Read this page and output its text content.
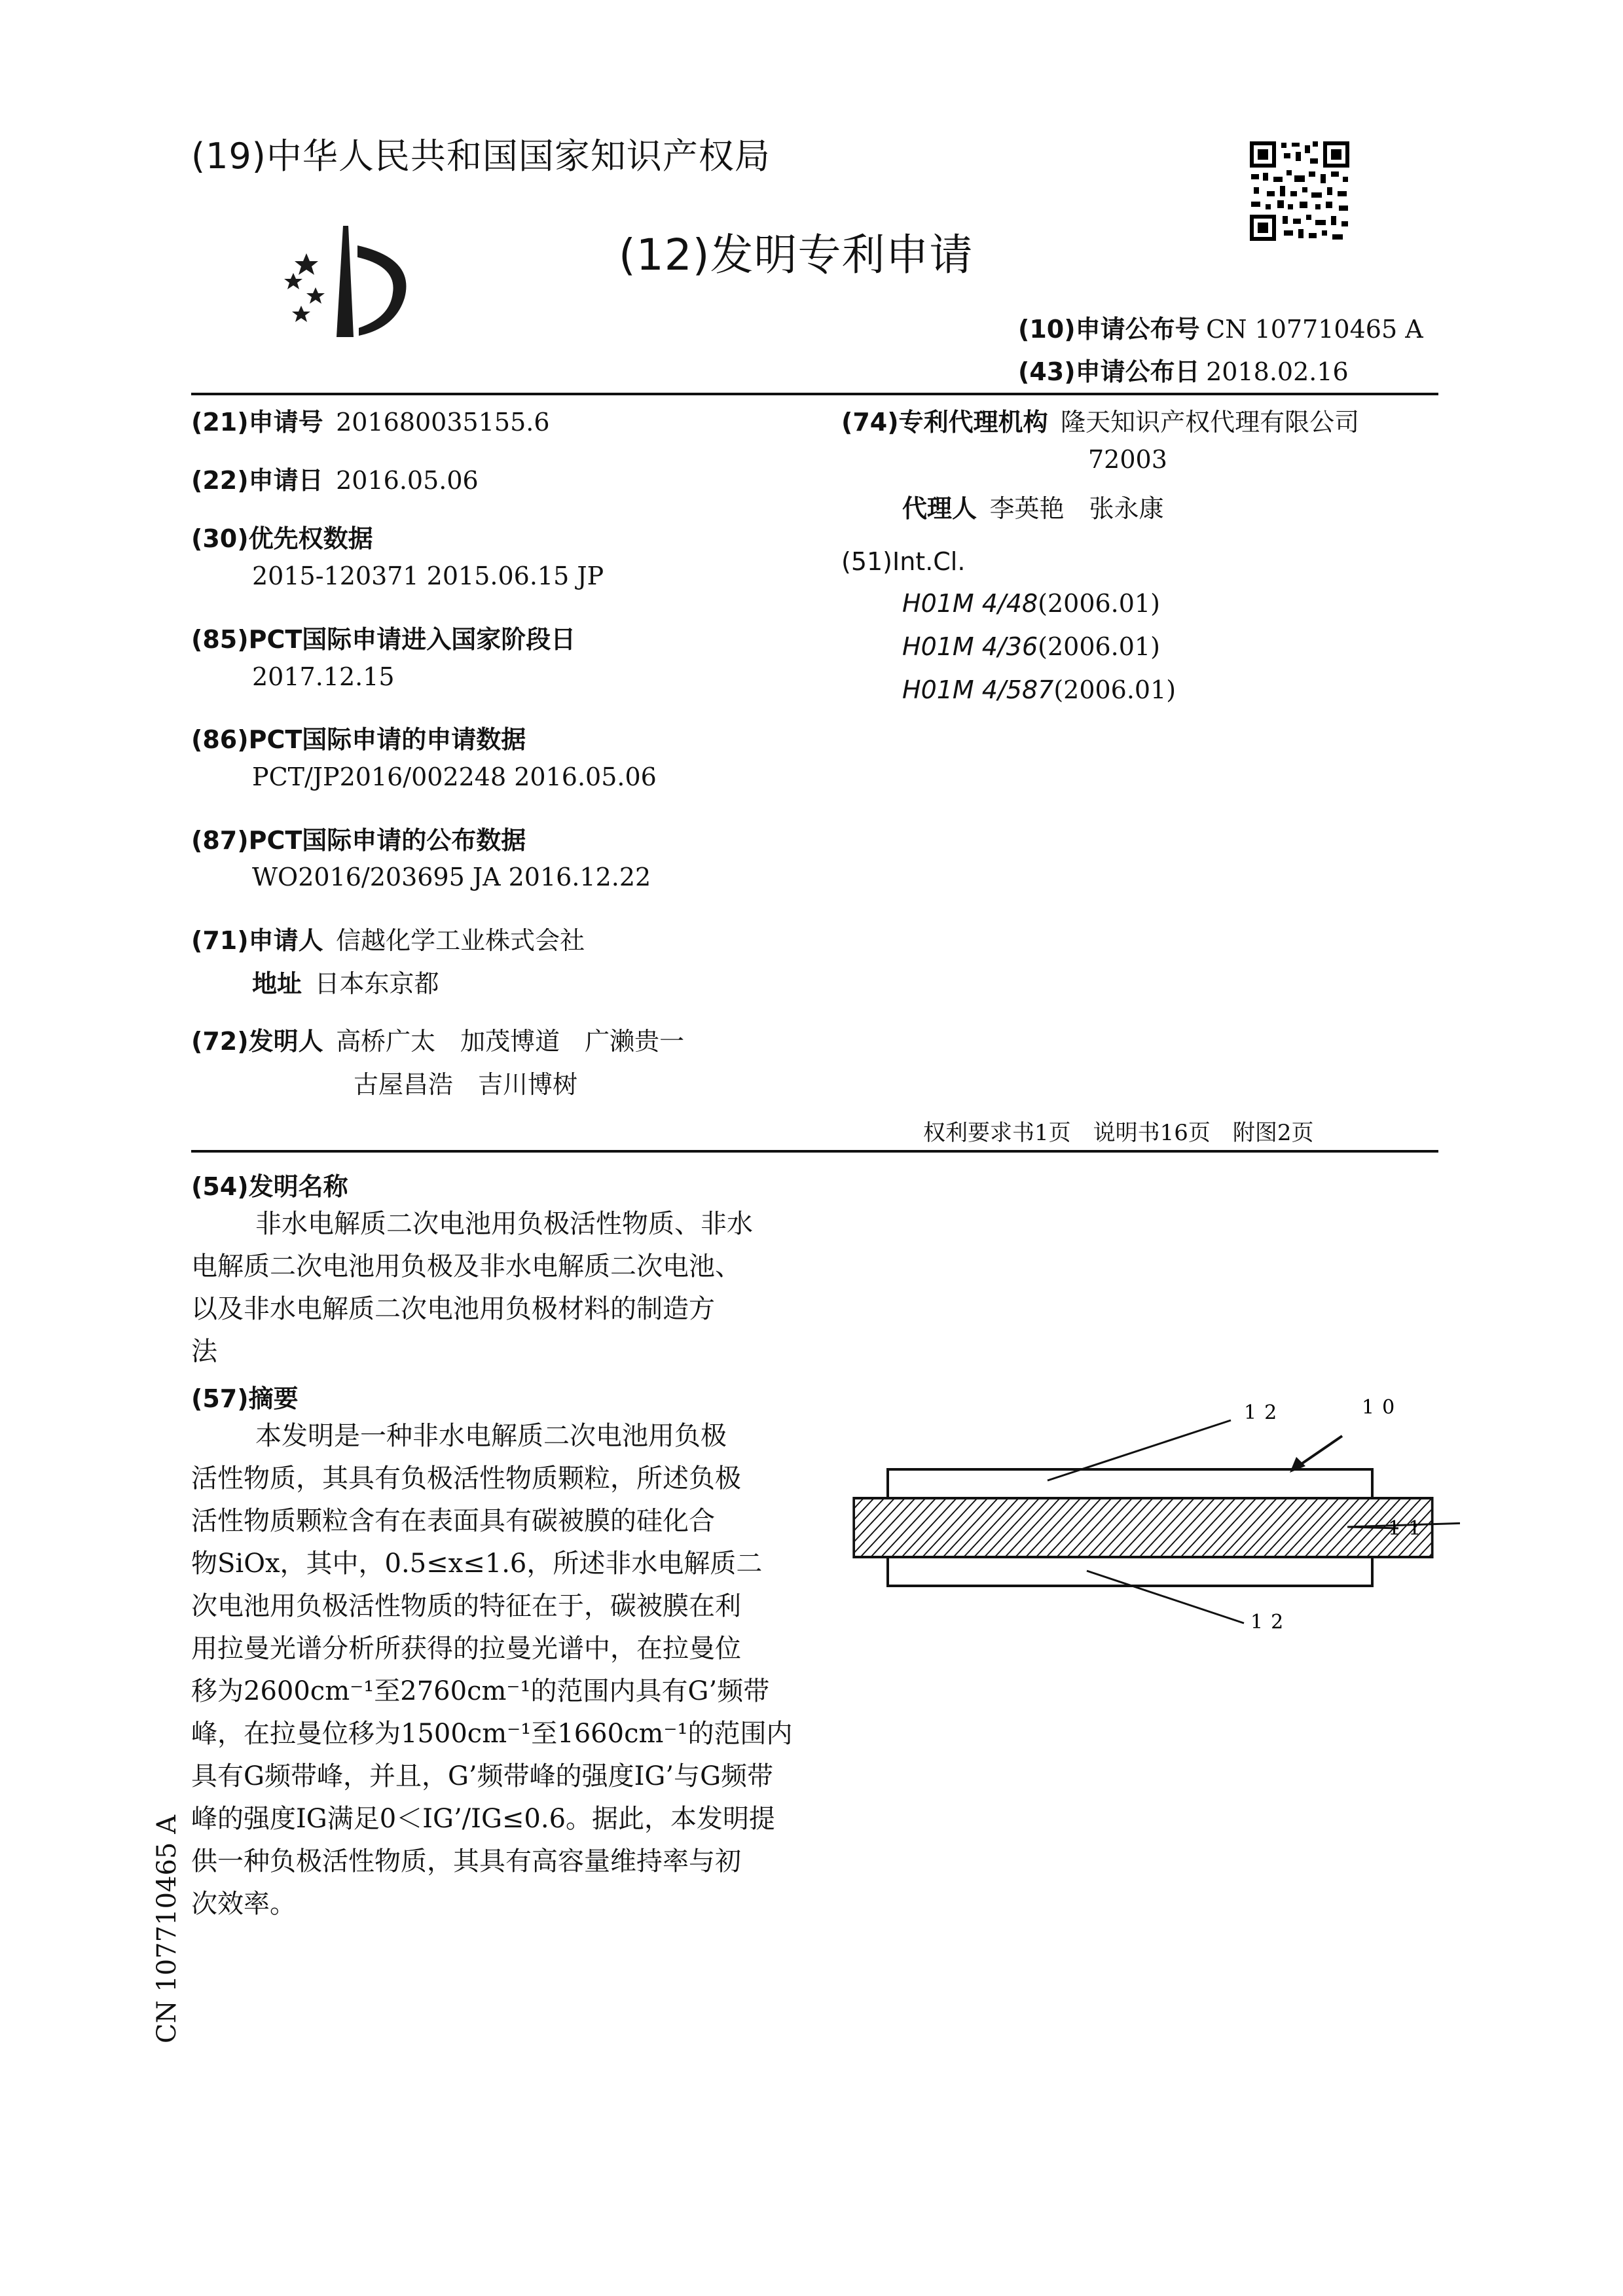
(19)中华人民共和国国家知识产权局
(12)发明专利申请
(10)申请公布号 CN 107710465 A
(43)申请公布日 2018.02.16
(21)申请号 201680035155.6
(22)申请日 2016.05.06
(30)优先权数据
2015-120371 2015.06.15 JP
(85)PCT国际申请进入国家阶段日
2017.12.15
(86)PCT国际申请的申请数据
PCT/JP2016/002248 2016.05.06
(87)PCT国际申请的公布数据
WO2016/203695 JA 2016.12.22
(71)申请人 信越化学工业株式会社
地址 日本东京都
(72)发明人 高桥广太　加茂博道　广濑贵一
古屋昌浩　吉川博树
(74)专利代理机构 隆天知识产权代理有限公司
72003
代理人 李英艳　张永康
(51)Int.Cl.
H01M 4/48(2006.01)
H01M 4/36(2006.01)
H01M 4/587(2006.01)
权利要求书1页　说明书16页　附图2页
(54)发明名称
非水电解质二次电池用负极活性物质、非水
电解质二次电池用负极及非水电解质二次电池、
以及非水电解质二次电池用负极材料的制造方
法
(57)摘要
本发明是一种非水电解质二次电池用负极
活性物质，其具有负极活性物质颗粒，所述负极
活性物质颗粒含有在表面具有碳被膜的硅化合
物SiOx，其中，0.5≤x≤1.6，所述非水电解质二
次电池用负极活性物质的特征在于，碳被膜在利
用拉曼光谱分析所获得的拉曼光谱中，在拉曼位
移为2600cm⁻¹至2760cm⁻¹的范围内具有G’频带
峰，在拉曼位移为1500cm⁻¹至1660cm⁻¹的范围内
具有G频带峰，并且，G’频带峰的强度IG’与G频带
峰的强度IG满足0＜IG’/IG≤0.6。据此，本发明提
供一种负极活性物质，其具有高容量维持率与初
次效率。
12	10
11
12
CN 107710465 A
